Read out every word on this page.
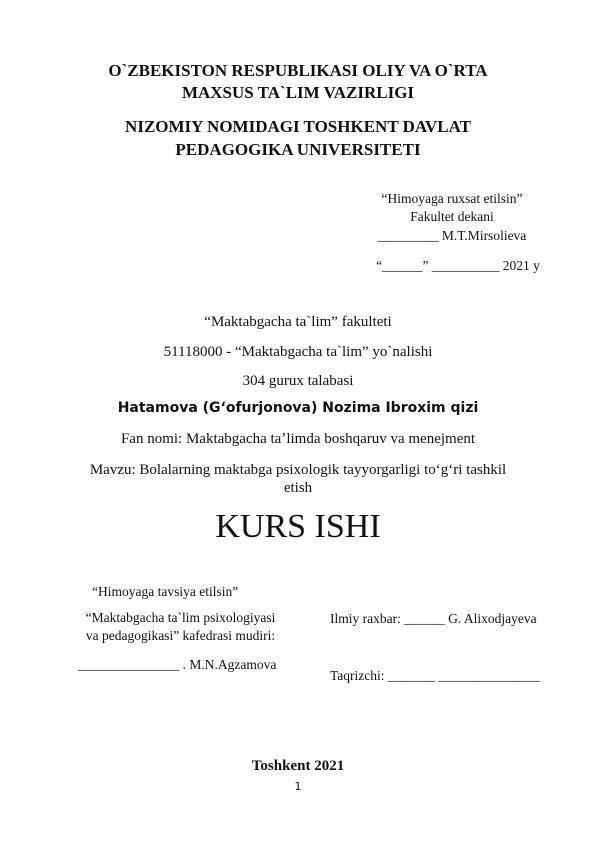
O`ZBEKISTON RESPUBLIKASI OLIY VA O`RTA
MAXSUS TA`LIM VAZIRLIGI
NIZOMIY NOMIDAGI TOSHKENT DAVLAT
PEDAGOGIKA UNIVERSITETI
“Himoyaga ruxsat etilsin”
Fakultet dekani
_________ M.T.Mirsolieva
“______” __________ 2021 y
“Maktabgacha ta`lim” fakulteti
51118000 - “Maktabgacha ta`lim” yo`nalishi
304 gurux talabasi
Hatamova (Gʻofurjonova) Nozima Ibroxim qizi
Fan nomi: Maktabgacha taʼlimda boshqaruv va menejment
Mavzu: Bolalarning maktabga psixologik tayyorgarligi toʻgʻri tashkil
etish
KURS ISHI
“Himoyaga tavsiya etilsin”
“Maktabgacha ta`lim psixologiyasi
va pedagogikasi” kafedrasi mudiri:
_______________ . M.N.Agzamova
Ilmiy raxbar: ______ G. Alixodjayeva
Taqrizchi: _______ _______________
Toshkent 2021
1
